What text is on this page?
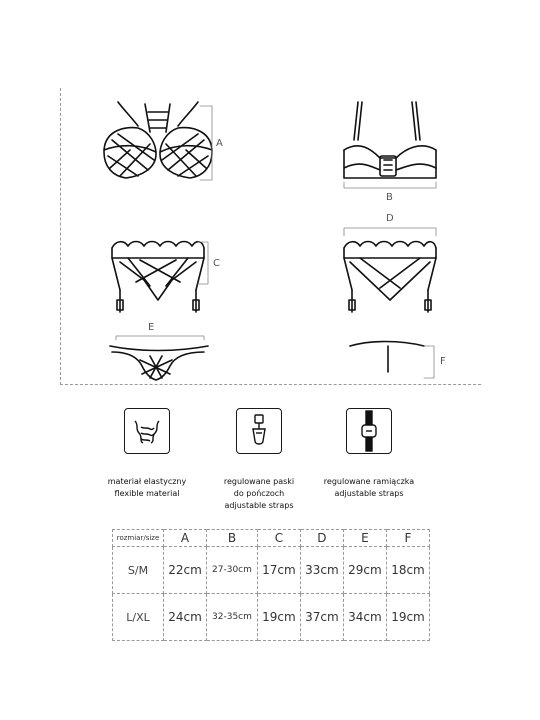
A
B
C
D
E
F
materiał elastyczny
flexible material
regulowane paski
do pończoch
adjustable straps
regulowane ramiączka
adjustable straps
rozmiar/size	A	B	C	D	E	F
S/M	22cm	27-30cm	17cm	33cm	29cm	18cm
L/XL	24cm	32-35cm	19cm	37cm	34cm	19cm
